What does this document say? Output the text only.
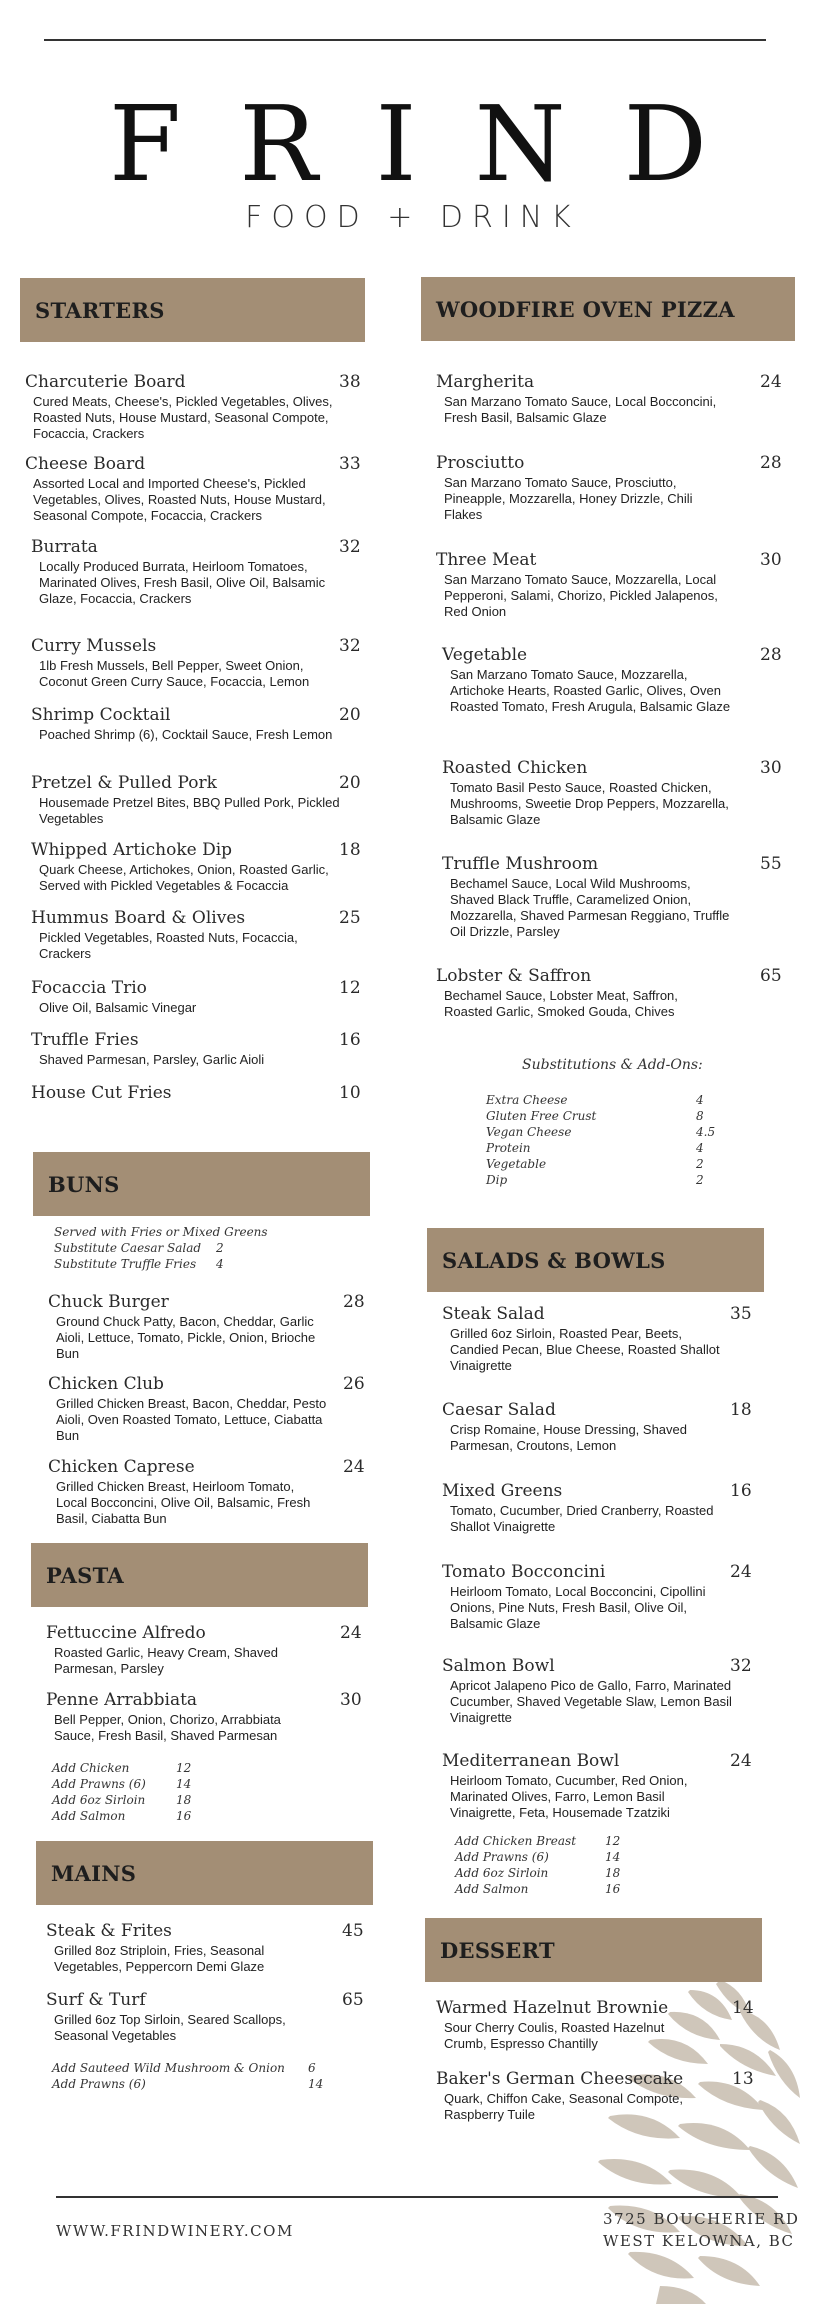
FRIND
FOOD + DRINK
STARTERS	WOODFIRE OVEN PIZZA
BUNS
SALADS & BOWLS
PASTA
MAINS
DESSERT
Substitutions & Add-Ons:
WWW.FRINDWINERY.COM
3725 BOUCHERIE RD
WEST KELOWNA, BC
Charcuterie Board	38
Cured Meats, Cheese's, Pickled Vegetables, Olives, Roasted Nuts, House Mustard, Seasonal Compote, Focaccia, Crackers
Cheese Board	33
Assorted Local and Imported Cheese's, Pickled Vegetables, Olives, Roasted Nuts, House Mustard, Seasonal Compote, Focaccia, Crackers
Burrata	32
Locally Produced Burrata, Heirloom Tomatoes, Marinated Olives, Fresh Basil, Olive Oil, Balsamic Glaze, Focaccia, Crackers
Curry Mussels	32
1lb Fresh Mussels, Bell Pepper, Sweet Onion, Coconut Green Curry Sauce, Focaccia, Lemon
Shrimp Cocktail	20
Poached Shrimp (6), Cocktail Sauce, Fresh Lemon
Pretzel & Pulled Pork	20
Housemade Pretzel Bites, BBQ Pulled Pork, Pickled Vegetables
Whipped Artichoke Dip	18
Quark Cheese, Artichokes, Onion, Roasted Garlic, Served with Pickled Vegetables & Focaccia
Hummus Board & Olives	25
Pickled Vegetables, Roasted Nuts, Focaccia, Crackers
Focaccia Trio	12
Olive Oil, Balsamic Vinegar
Truffle Fries	16
Shaved Parmesan, Parsley, Garlic Aioli
House Cut Fries	10
Margherita	24
San Marzano Tomato Sauce, Local Bocconcini, Fresh Basil, Balsamic Glaze
Prosciutto	28
San Marzano Tomato Sauce, Prosciutto, Pineapple, Mozzarella, Honey Drizzle, Chili Flakes
Three Meat	30
San Marzano Tomato Sauce, Mozzarella, Local Pepperoni, Salami, Chorizo, Pickled Jalapenos, Red Onion
Vegetable	28
San Marzano Tomato Sauce, Mozzarella, Artichoke Hearts, Roasted Garlic, Olives, Oven Roasted Tomato, Fresh Arugula, Balsamic Glaze
Roasted Chicken	30
Tomato Basil Pesto Sauce, Roasted Chicken, Mushrooms, Sweetie Drop Peppers, Mozzarella, Balsamic Glaze
Truffle Mushroom	55
Bechamel Sauce, Local Wild Mushrooms, Shaved Black Truffle, Caramelized Onion, Mozzarella, Shaved Parmesan Reggiano, Truffle Oil Drizzle, Parsley
Lobster & Saffron	65
Bechamel Sauce, Lobster Meat, Saffron, Roasted Garlic, Smoked Gouda, Chives
Extra Cheese	4
Gluten Free Crust	8
Vegan Cheese	4.5
Protein	4
Vegetable	2
Dip	2
Served with Fries or Mixed Greens
Substitute Caesar Salad 2
Substitute Truffle Fries 4
Chuck Burger	28
Ground Chuck Patty, Bacon, Cheddar, Garlic Aioli, Lettuce, Tomato, Pickle, Onion, Brioche Bun
Chicken Club	26
Grilled Chicken Breast, Bacon, Cheddar, Pesto Aioli, Oven Roasted Tomato, Lettuce, Ciabatta Bun
Chicken Caprese	24
Grilled Chicken Breast, Heirloom Tomato, Local Bocconcini, Olive Oil, Balsamic, Fresh Basil, Ciabatta Bun
Fettuccine Alfredo	24
Roasted Garlic, Heavy Cream, Shaved Parmesan, Parsley
Penne Arrabbiata	30
Bell Pepper, Onion, Chorizo, Arrabbiata Sauce, Fresh Basil, Shaved Parmesan
Add Chicken	12
Add Prawns (6)	14
Add 6oz Sirloin	18
Add Salmon	16
Steak & Frites	45
Grilled 8oz Striploin, Fries, Seasonal Vegetables, Peppercorn Demi Glaze
Surf & Turf	65
Grilled 6oz Top Sirloin, Seared Scallops, Seasonal Vegetables
Add Sauteed Wild Mushroom & Onion 6
Add Prawns (6)	14
Steak Salad	35
Grilled 6oz Sirloin, Roasted Pear, Beets, Candied Pecan, Blue Cheese, Roasted Shallot Vinaigrette
Caesar Salad	18
Crisp Romaine, House Dressing, Shaved Parmesan, Croutons, Lemon
Mixed Greens	16
Tomato, Cucumber, Dried Cranberry, Roasted Shallot Vinaigrette
Tomato Bocconcini	24
Heirloom Tomato, Local Bocconcini, Cipollini Onions, Pine Nuts, Fresh Basil, Olive Oil, Balsamic Glaze
Salmon Bowl	32
Apricot Jalapeno Pico de Gallo, Farro, Marinated Cucumber, Shaved Vegetable Slaw, Lemon Basil Vinaigrette
Mediterranean Bowl	24
Heirloom Tomato, Cucumber, Red Onion, Marinated Olives, Farro, Lemon Basil Vinaigrette, Feta, Housemade Tzatziki
Add Chicken Breast 12
Add Prawns (6)	14
Add 6oz Sirloin	18
Add Salmon	16
Warmed Hazelnut Brownie	14
Sour Cherry Coulis, Roasted Hazelnut Crumb, Espresso Chantilly
Baker's German Cheesecake	13
Quark, Chiffon Cake, Seasonal Compote, Raspberry Tuile
